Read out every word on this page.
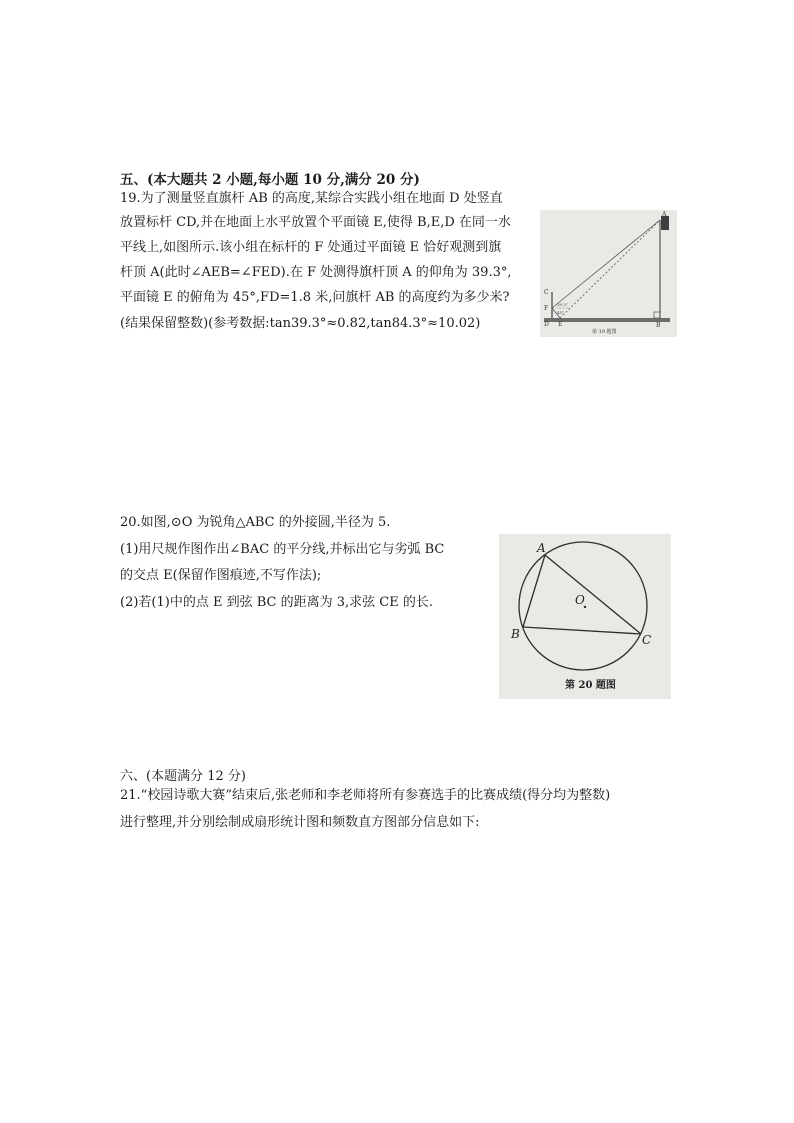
五、(本大题共 2 小题,每小题 10 分,满分 20 分)
19.为了测量竖直旗杆 AB 的高度,某综合实践小组在地面 D 处竖直
放置标杆 CD,并在地面上水平放置个平面镜 E,使得 B,E,D 在同一水
平线上,如图所示.该小组在标杆的 F 处通过平面镜 E 恰好观测到旗
杆顶 A(此时∠AEB=∠FED).在 F 处测得旗杆顶 A 的仰角为 39.3°,
平面镜 E 的俯角为 45°,FD=1.8 米,问旗杆 AB 的高度约为多少米?
(结果保留整数)(参考数据:tan39.3°≈0.82,tan84.3°≈10.02)
A
B
C
D E
F
39.3°
45°
第 19 题图
20.如图,⊙O 为锐角△ABC 的外接圆,半径为 5.
(1)用尺规作图作出∠BAC 的平分线,并标出它与劣弧 BC
的交点 E(保留作图痕迹,不写作法);
(2)若(1)中的点 E 到弦 BC 的距离为 3,求弦 CE 的长.
A
B	C
O
第 20 题图
六、(本题满分 12 分)
21.“校园诗歌大赛”结束后,张老师和李老师将所有参赛选手的比赛成绩(得分均为整数)
进行整理,并分别绘制成扇形统计图和频数直方图部分信息如下:
